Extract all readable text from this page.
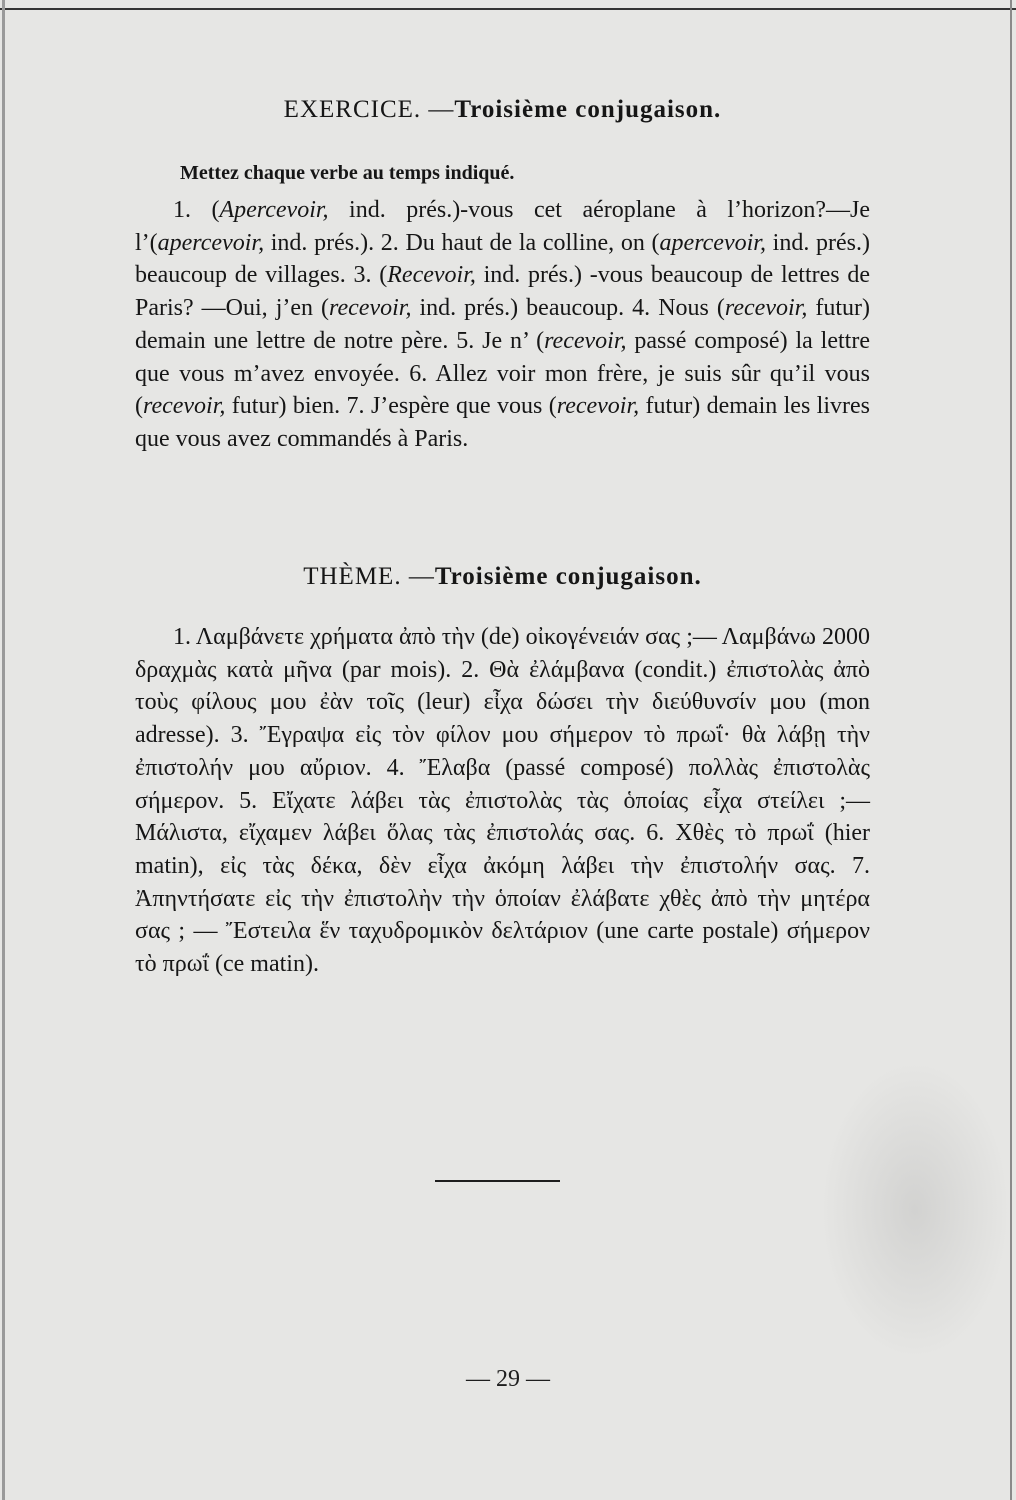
EXERCICE. —Troisième conjugaison.

Mettez chaque verbe au temps indiqué.

1. (Apercevoir, ind. prés.)-vous cet aéroplane à l’horizon?—Je l’(apercevoir, ind. prés.). 2. Du haut de la colline, on (apercevoir, ind. prés.) beaucoup de villages. 3. (Recevoir, ind. prés.) -vous beaucoup de lettres de Paris? —Oui, j’en (recevoir, ind. prés.) beaucoup. 4. Nous (recevoir, futur) demain une lettre de notre père. 5. Je n’ (recevoir, passé composé) la lettre que vous m’avez envoyée. 6. Allez voir mon frère, je suis sûr qu’il vous (recevoir, futur) bien. 7. J’espère que vous (recevoir, futur) demain les livres que vous avez commandés à Paris.

THÈME. —Troisième conjugaison.

1. Λαμβάνετε χρήματα ἀπὸ τὴν (de) οἰκογένειάν σας ;— Λαμβάνω 2000 δραχμὰς κατὰ μῆνα (par mois). 2. Θὰ ἐλάμβανα (condit.) ἐπιστολὰς ἀπὸ τοὺς φίλους μου ἐὰν τοῖς (leur) εἶχα δώσει τὴν διεύθυνσίν μου (mon adresse). 3. Ἔγραψα εἰς τὸν φίλον μου σήμερον τὸ πρωΐ· θὰ λάβῃ τὴν ἐπιστολήν μου αὔριον. 4. Ἔλαβα (passé composé) πολλὰς ἐπιστολὰς σήμερον. 5. Εἴχατε λάβει τὰς ἐπιστολὰς τὰς ὁποίας εἶχα στείλει ;— Μάλιστα, εἴχαμεν λάβει ὅλας τὰς ἐπιστολάς σας. 6. Χθὲς τὸ πρωΐ (hier matin), εἰς τὰς δέκα, δὲν εἶχα ἀκόμη λάβει τὴν ἐπιστολήν σας. 7. Ἀπηντήσατε εἰς τὴν ἐπιστολὴν τὴν ὁποίαν ἐλάβατε χθὲς ἀπὸ τὴν μητέρα σας ; — Ἔστειλα ἕν ταχυδρομικὸν δελτάριον (une carte postale) σήμερον τὸ πρωΐ (ce matin).

— 29 —
